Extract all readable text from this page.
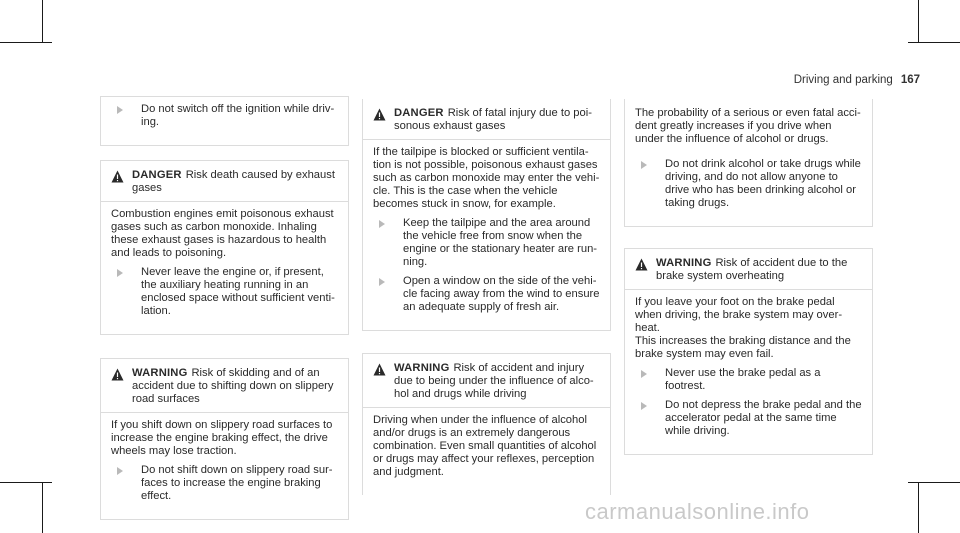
Driving and parking 167
Do not switch off the ignition while driv- ing.
DANGER Risk death caused by exhaust gases

Combustion engines emit poisonous exhaust gases such as carbon monoxide. Inhaling these exhaust gases is hazardous to health and leads to poisoning.

Never leave the engine or, if present, the auxiliary heating running in an enclosed space without sufficient venti- lation.
WARNING Risk of skidding and of an accident due to shifting down on slippery road surfaces

If you shift down on slippery road surfaces to increase the engine braking effect, the drive wheels may lose traction.

Do not shift down on slippery road sur- faces to increase the engine braking effect.
DANGER Risk of fatal injury due to poi- sonous exhaust gases

If the tailpipe is blocked or sufficient ventila- tion is not possible, poisonous exhaust gases such as carbon monoxide may enter the vehi- cle. This is the case when the vehicle becomes stuck in snow, for example.

Keep the tailpipe and the area around the vehicle free from snow when the engine or the stationary heater are run- ning.
Open a window on the side of the vehi- cle facing away from the wind to ensure an adequate supply of fresh air.
WARNING Risk of accident and injury due to being under the influence of alco- hol and drugs while driving

Driving when under the influence of alcohol and/or drugs is an extremely dangerous combination. Even small quantities of alcohol or drugs may affect your reflexes, perception and judgment.

The probability of a serious or even fatal acci- dent greatly increases if you drive when under the influence of alcohol or drugs.

Do not drink alcohol or take drugs while driving, and do not allow anyone to drive who has been drinking alcohol or taking drugs.
WARNING Risk of accident due to the brake system overheating

If you leave your foot on the brake pedal when driving, the brake system may over- heat.

This increases the braking distance and the brake system may even fail.

Never use the brake pedal as a footrest.
Do not depress the brake pedal and the accelerator pedal at the same time while driving.
carmanualsonline.info
